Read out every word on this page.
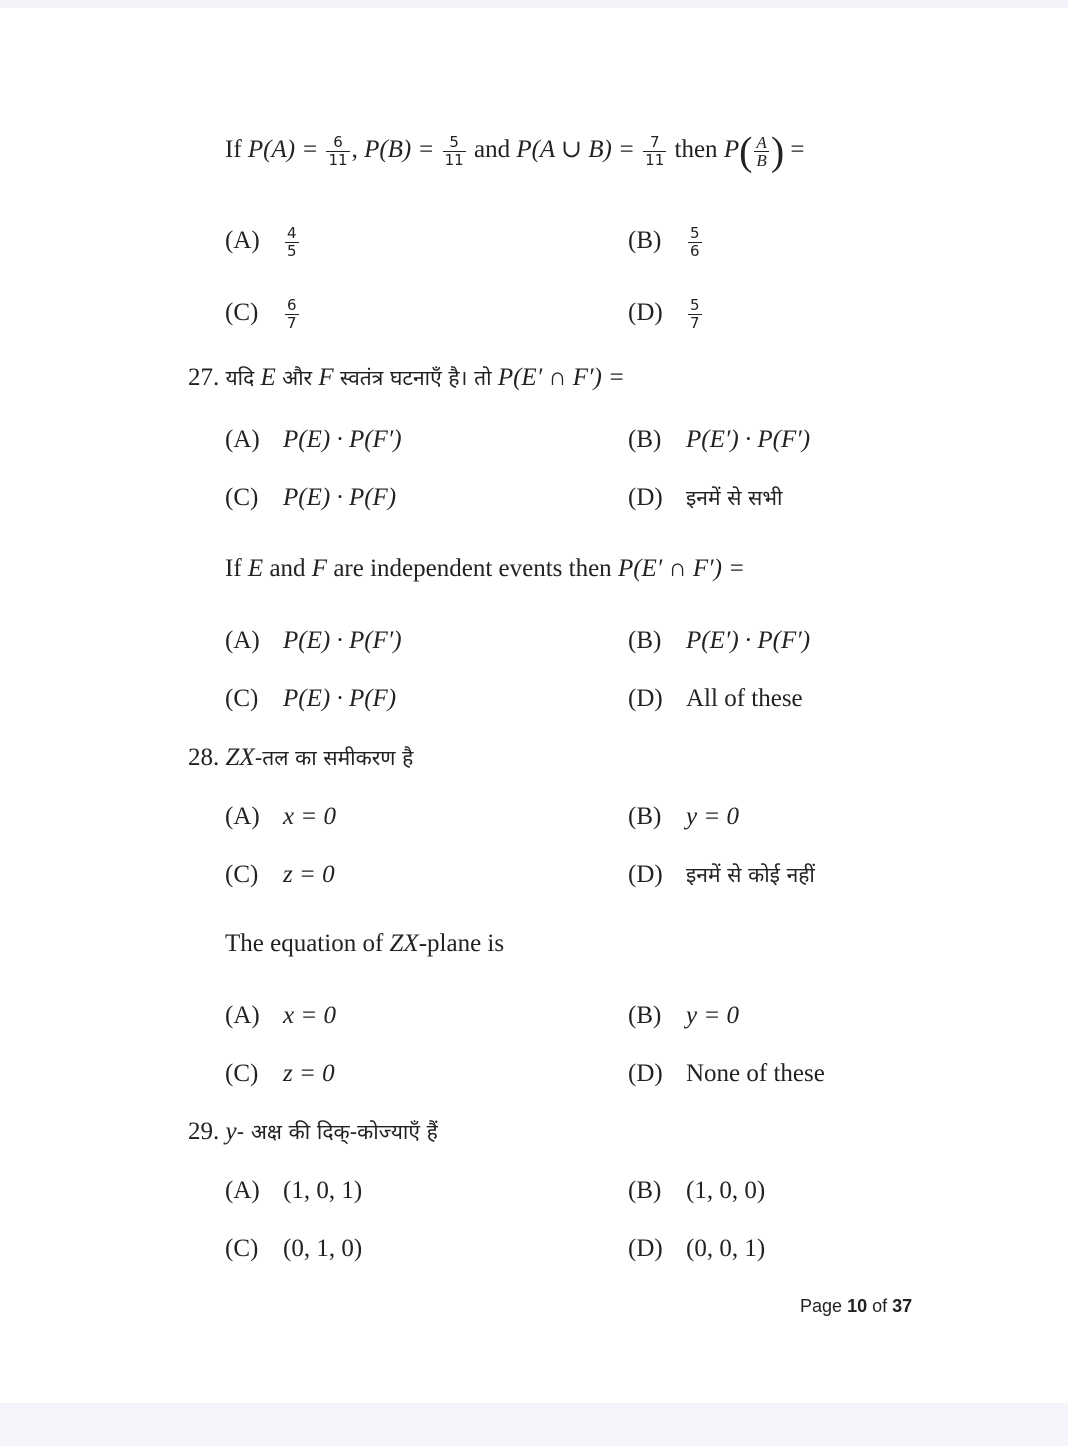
If $P(A) = \frac{6}{11}$ , $P(B) = \frac{5}{11}$ and P(A ∪ $B) = \frac{7}{11}$ then $P( \frac{A}{B}$ ) =
$(A) \frac{4}{5}$	$(B) \frac{5}{6}$
$(C) \frac{6}{7}$	$(D) \frac{5}{7}$
27. यदि E और F स्वतंत्र घटनाएँ है। तो P(E′ ∩ F′) =
(A) P(E) · P(F′)	(B) P(E′) · P(F′)
(C) P(E) · P(F)	(D) इनमें से सभी
If E and F are independent events then P(E′ ∩ F′) =
(A) P(E) · P(F′)	(B) P(E′) · P(F′)
(C) P(E) · P(F)	(D) All of these
28. ZX-तल का समीकरण है
(A) x = 0	(B) y = 0
(C) z = 0	(D) इनमें से कोई नहीं
The equation of ZX-plane is
(A) x = 0	(B) y = 0
(C) z = 0	(D) None of these
29. y- अक्ष की दिक्-कोज्याएँ हैं
(A) (1, 0, 1)	(B) (1, 0, 0)
(C) (0, 1, 0)	(D) (0, 0, 1)
Page 10 of 37
